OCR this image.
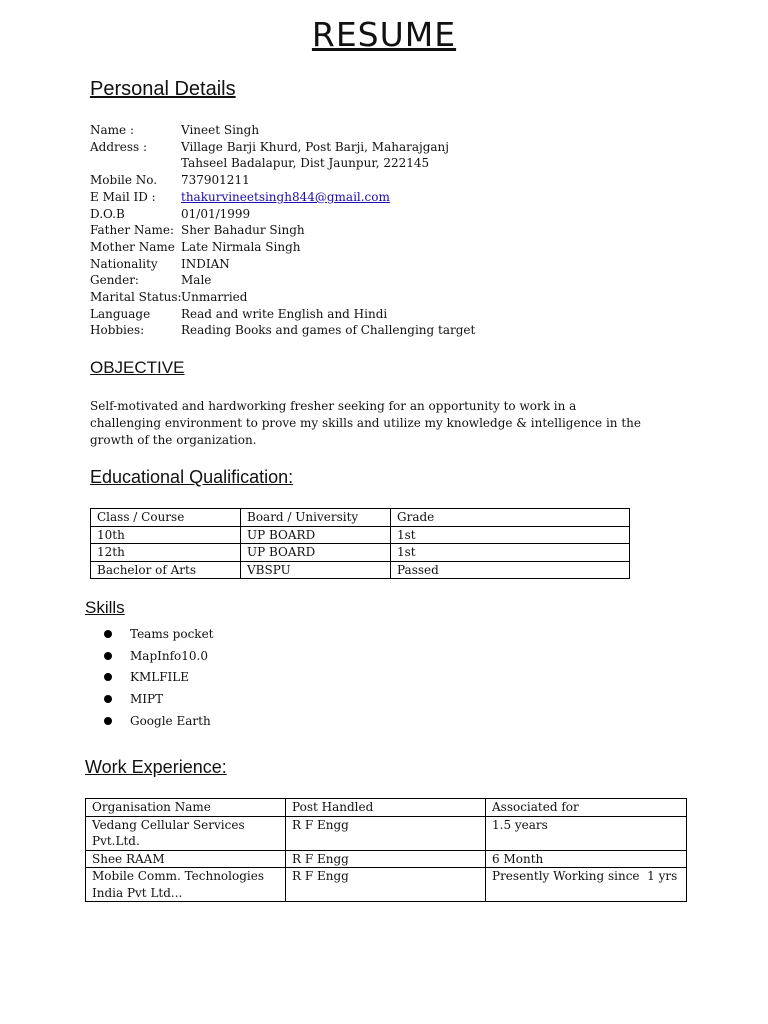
RESUME
Personal Details
Name :	Vineet Singh
Address :	Village Barji Khurd, Post Barji, Maharajganj
Tahseel Badalapur, Dist Jaunpur, 222145
Mobile No.	737901211
E Mail ID :	thakurvineetsingh844@gmail.com
D.O.B	01/01/1999
Father Name: Sher Bahadur Singh
Mother Name Late Nirmala Singh
Nationality	INDIAN
Gender:	Male
Marital Status: Unmarried
Language	Read and write English and Hindi
Hobbies:	Reading Books and games of Challenging target
OBJECTIVE
Self-motivated and hardworking fresher seeking for an opportunity to work in a challenging environment to prove my skills and utilize my knowledge & intelligence in the growth of the organization.
Educational Qualification:
Class / Course	Board / University	Grade
10th	UP BOARD	1st
12th	UP BOARD	1st
Bachelor of Arts	VBSPU	Passed
Skills
Teams pocket
MapInfo10.0
KMLFILE
MIPT
Google Earth
Work Experience:
Organisation Name	Post Handled	Associated for
Vedang Cellular Services Pvt.Ltd.	R F Engg	1.5 years
Shee RAAM	R F Engg	6 Month
Mobile Comm. Technologies India Pvt Ltd...	R F Engg	Presently Working since  1 yrs
